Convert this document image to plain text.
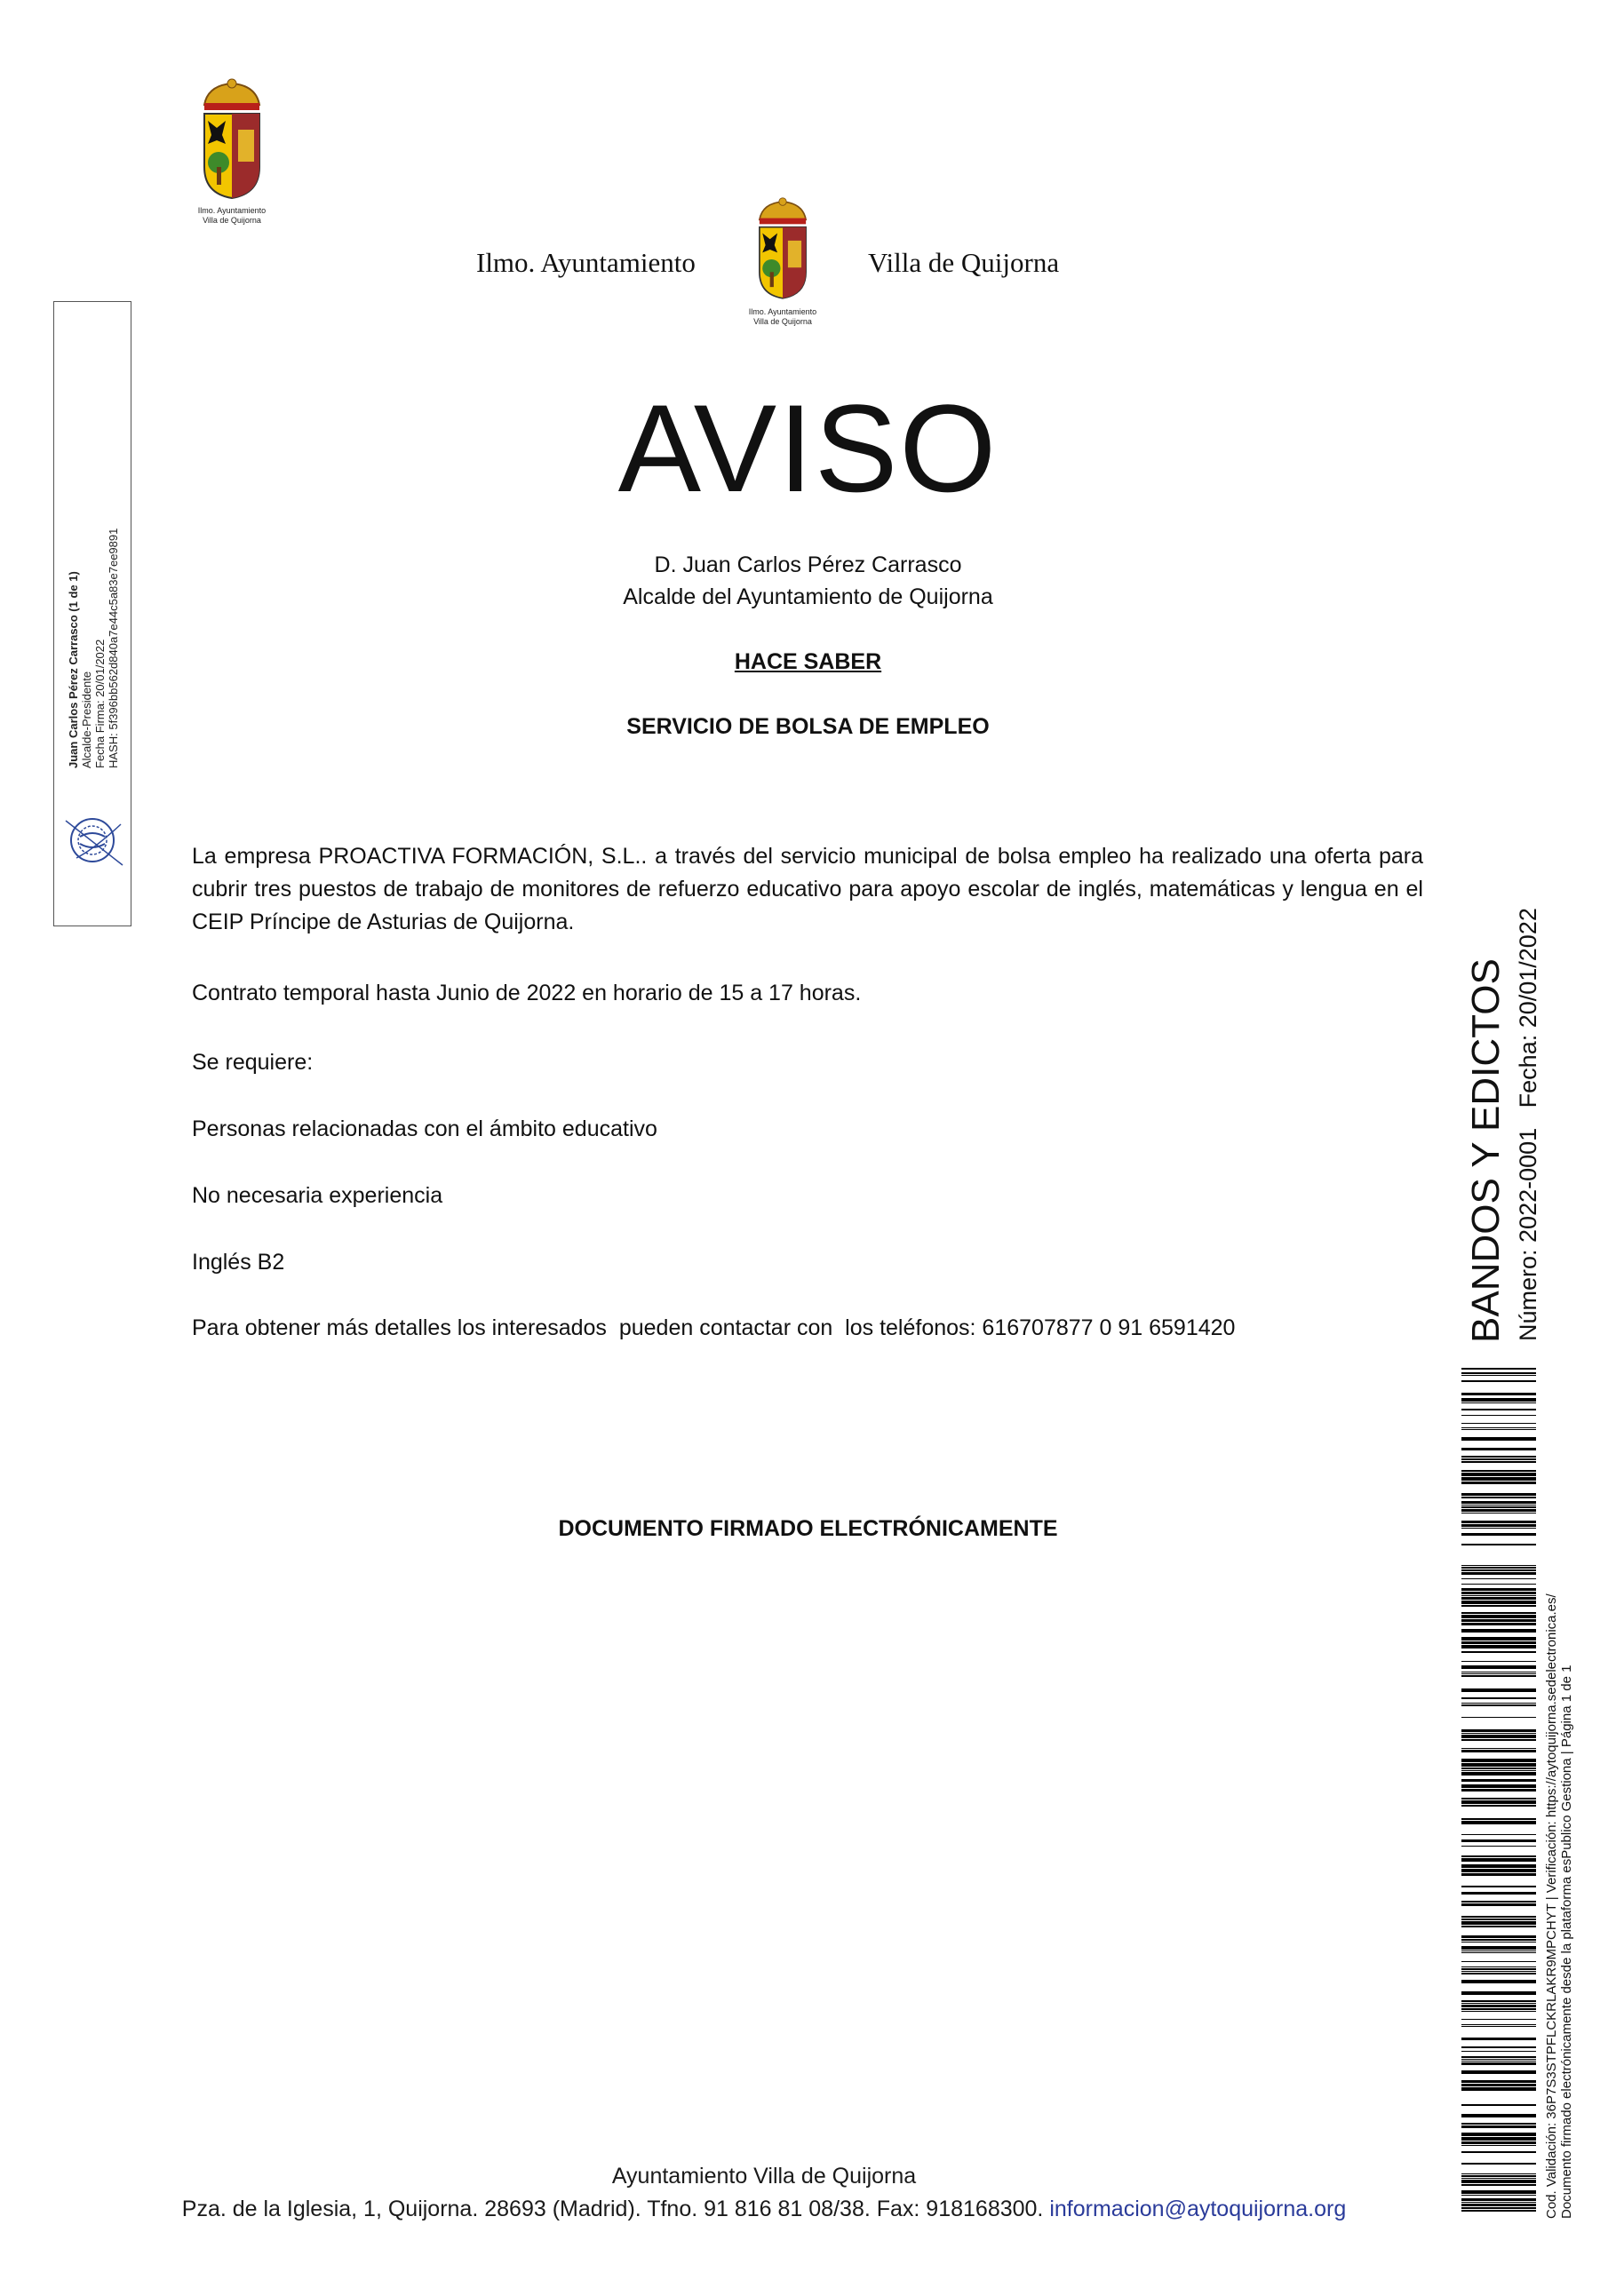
Ilmo. Ayuntamiento
Villa de Quijorna
Ilmo. Ayuntamiento
Ilmo. Ayuntamiento
Villa de Quijorna
Villa de Quijorna
AVISO
D. Juan Carlos Pérez Carrasco
Alcalde del Ayuntamiento de Quijorna
HACE SABER
SERVICIO DE BOLSA DE EMPLEO
La empresa PROACTIVA FORMACIÓN, S.L.. a través del servicio municipal de bolsa empleo ha realizado una oferta para cubrir tres puestos de trabajo de monitores de refuerzo educativo para apoyo escolar de inglés, matemáticas y lengua en el CEIP Príncipe de Asturias de Quijorna.
Contrato temporal hasta Junio de 2022 en horario de 15 a 17 horas.
Se requiere:
Personas relacionadas con el ámbito educativo
No necesaria experiencia
Inglés B2
Para obtener más detalles los interesados  pueden contactar con  los teléfonos: 616707877 0 91 6591420
DOCUMENTO FIRMADO ELECTRÓNICAMENTE
Juan Carlos Pérez Carrasco (1 de 1) Alcalde-Presidente Fecha Firma: 20/01/2022 HASH: 5f396bb562d840a7e44c5a83e7ee9891
BANDOS Y EDICTOS Número: 2022-0001   Fecha: 20/01/2022
Cod. Validación: 36P7S3STPFLCKRLAKR9MPCHYT | Verificación: https://aytoquijorna.sedelectronica.es/ Documento firmado electrónicamente desde la plataforma esPublico Gestiona | Página 1 de 1
Ayuntamiento Villa de Quijorna
Pza. de la Iglesia, 1, Quijorna. 28693 (Madrid). Tfno. 91 816 81 08/38. Fax: 918168300. informacion@aytoquijorna.org
